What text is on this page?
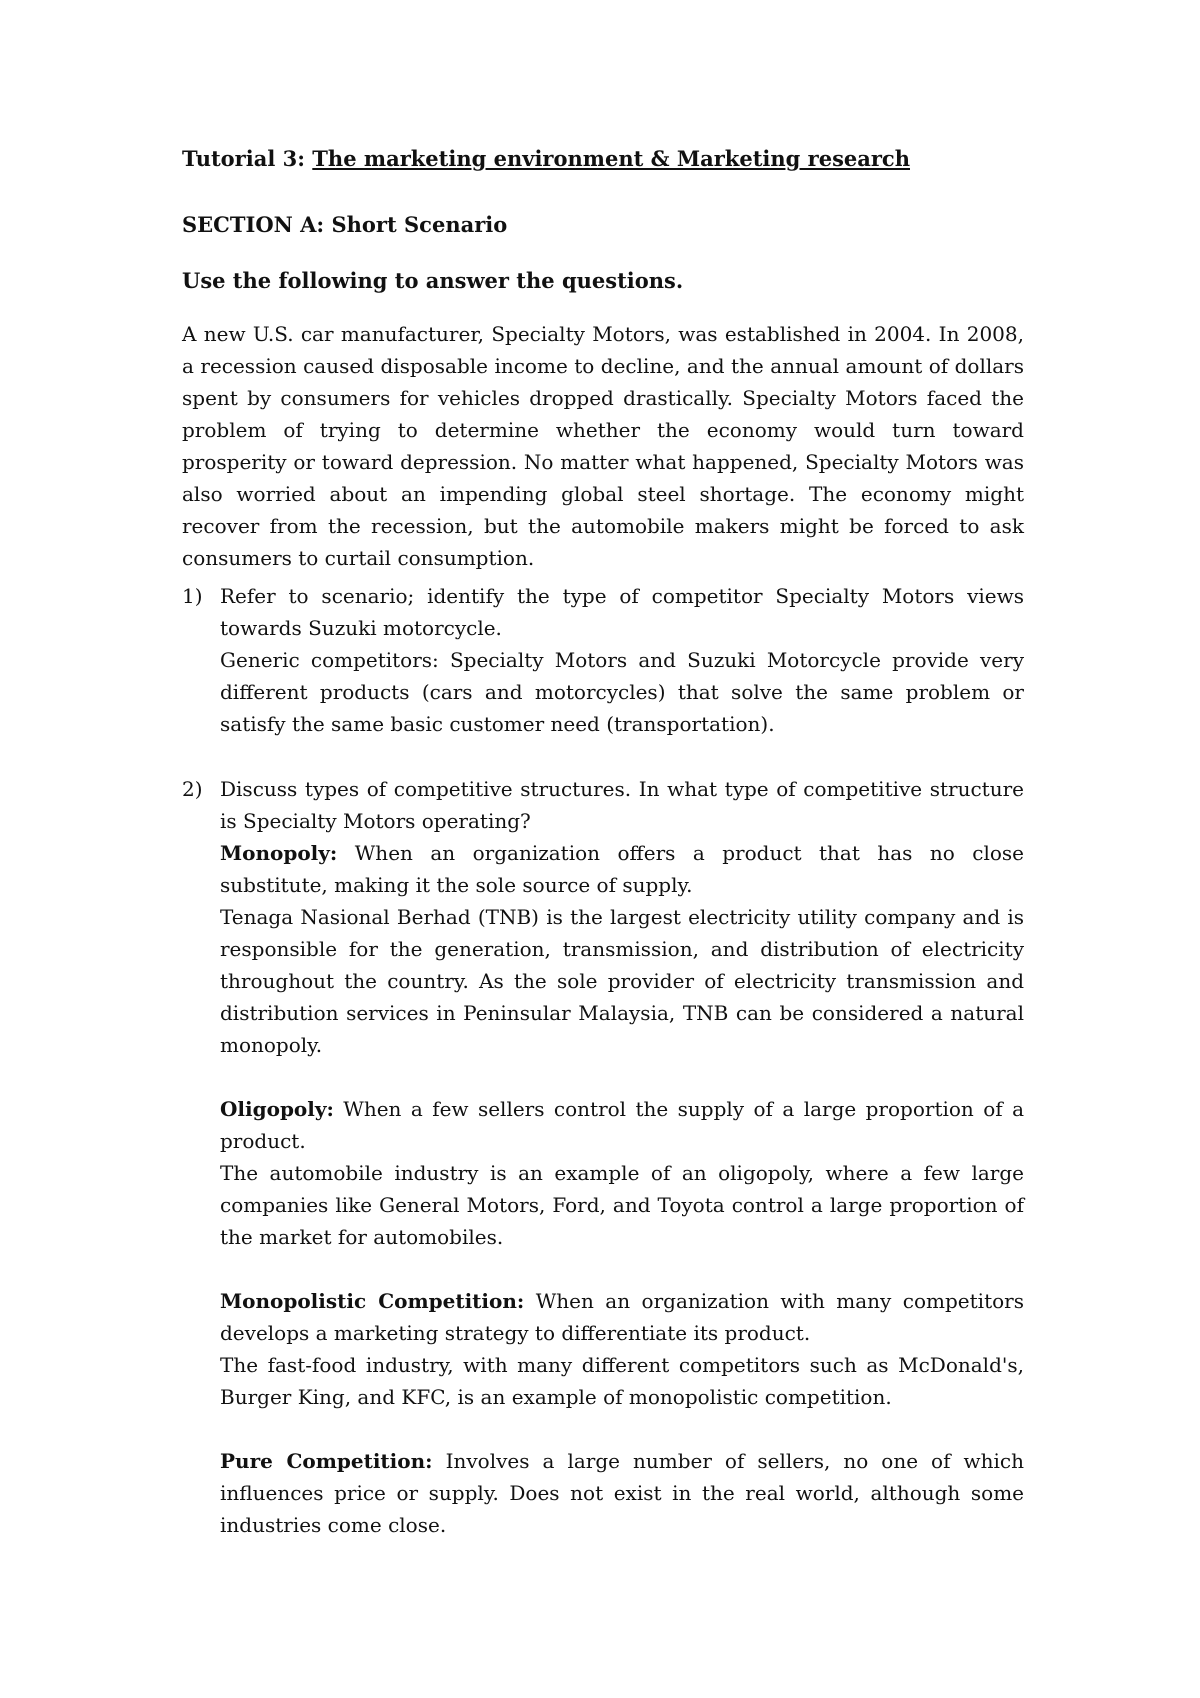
Tutorial 3: The marketing environment & Marketing research
SECTION A: Short Scenario
Use the following to answer the questions.
A new U.S. car manufacturer, Specialty Motors, was established in 2004. In 2008, a recession caused disposable income to decline, and the annual amount of dollars spent by consumers for vehicles dropped drastically. Specialty Motors faced the problem of trying to determine whether the economy would turn toward prosperity or toward depression. No matter what happened, Specialty Motors was also worried about an impending global steel shortage. The economy might recover from the recession, but the automobile makers might be forced to ask consumers to curtail consumption.
1) Refer to scenario; identify the type of competitor Specialty Motors views towards Suzuki motorcycle.

Generic competitors: Specialty Motors and Suzuki Motorcycle provide very different products (cars and motorcycles) that solve the same problem or satisfy the same basic customer need (transportation).

2) Discuss types of competitive structures. In what type of competitive structure is Specialty Motors operating?

Monopoly: When an organization offers a product that has no close substitute, making it the sole source of supply.

Tenaga Nasional Berhad (TNB) is the largest electricity utility company and is responsible for the generation, transmission, and distribution of electricity throughout the country. As the sole provider of electricity transmission and distribution services in Peninsular Malaysia, TNB can be considered a natural monopoly.

Oligopoly: When a few sellers control the supply of a large proportion of a product.

The automobile industry is an example of an oligopoly, where a few large companies like General Motors, Ford, and Toyota control a large proportion of the market for automobiles.

Monopolistic Competition: When an organization with many competitors develops a marketing strategy to differentiate its product.

The fast-food industry, with many different competitors such as McDonald's, Burger King, and KFC, is an example of monopolistic competition.

Pure Competition: Involves a large number of sellers, no one of which influences price or supply. Does not exist in the real world, although some industries come close.
